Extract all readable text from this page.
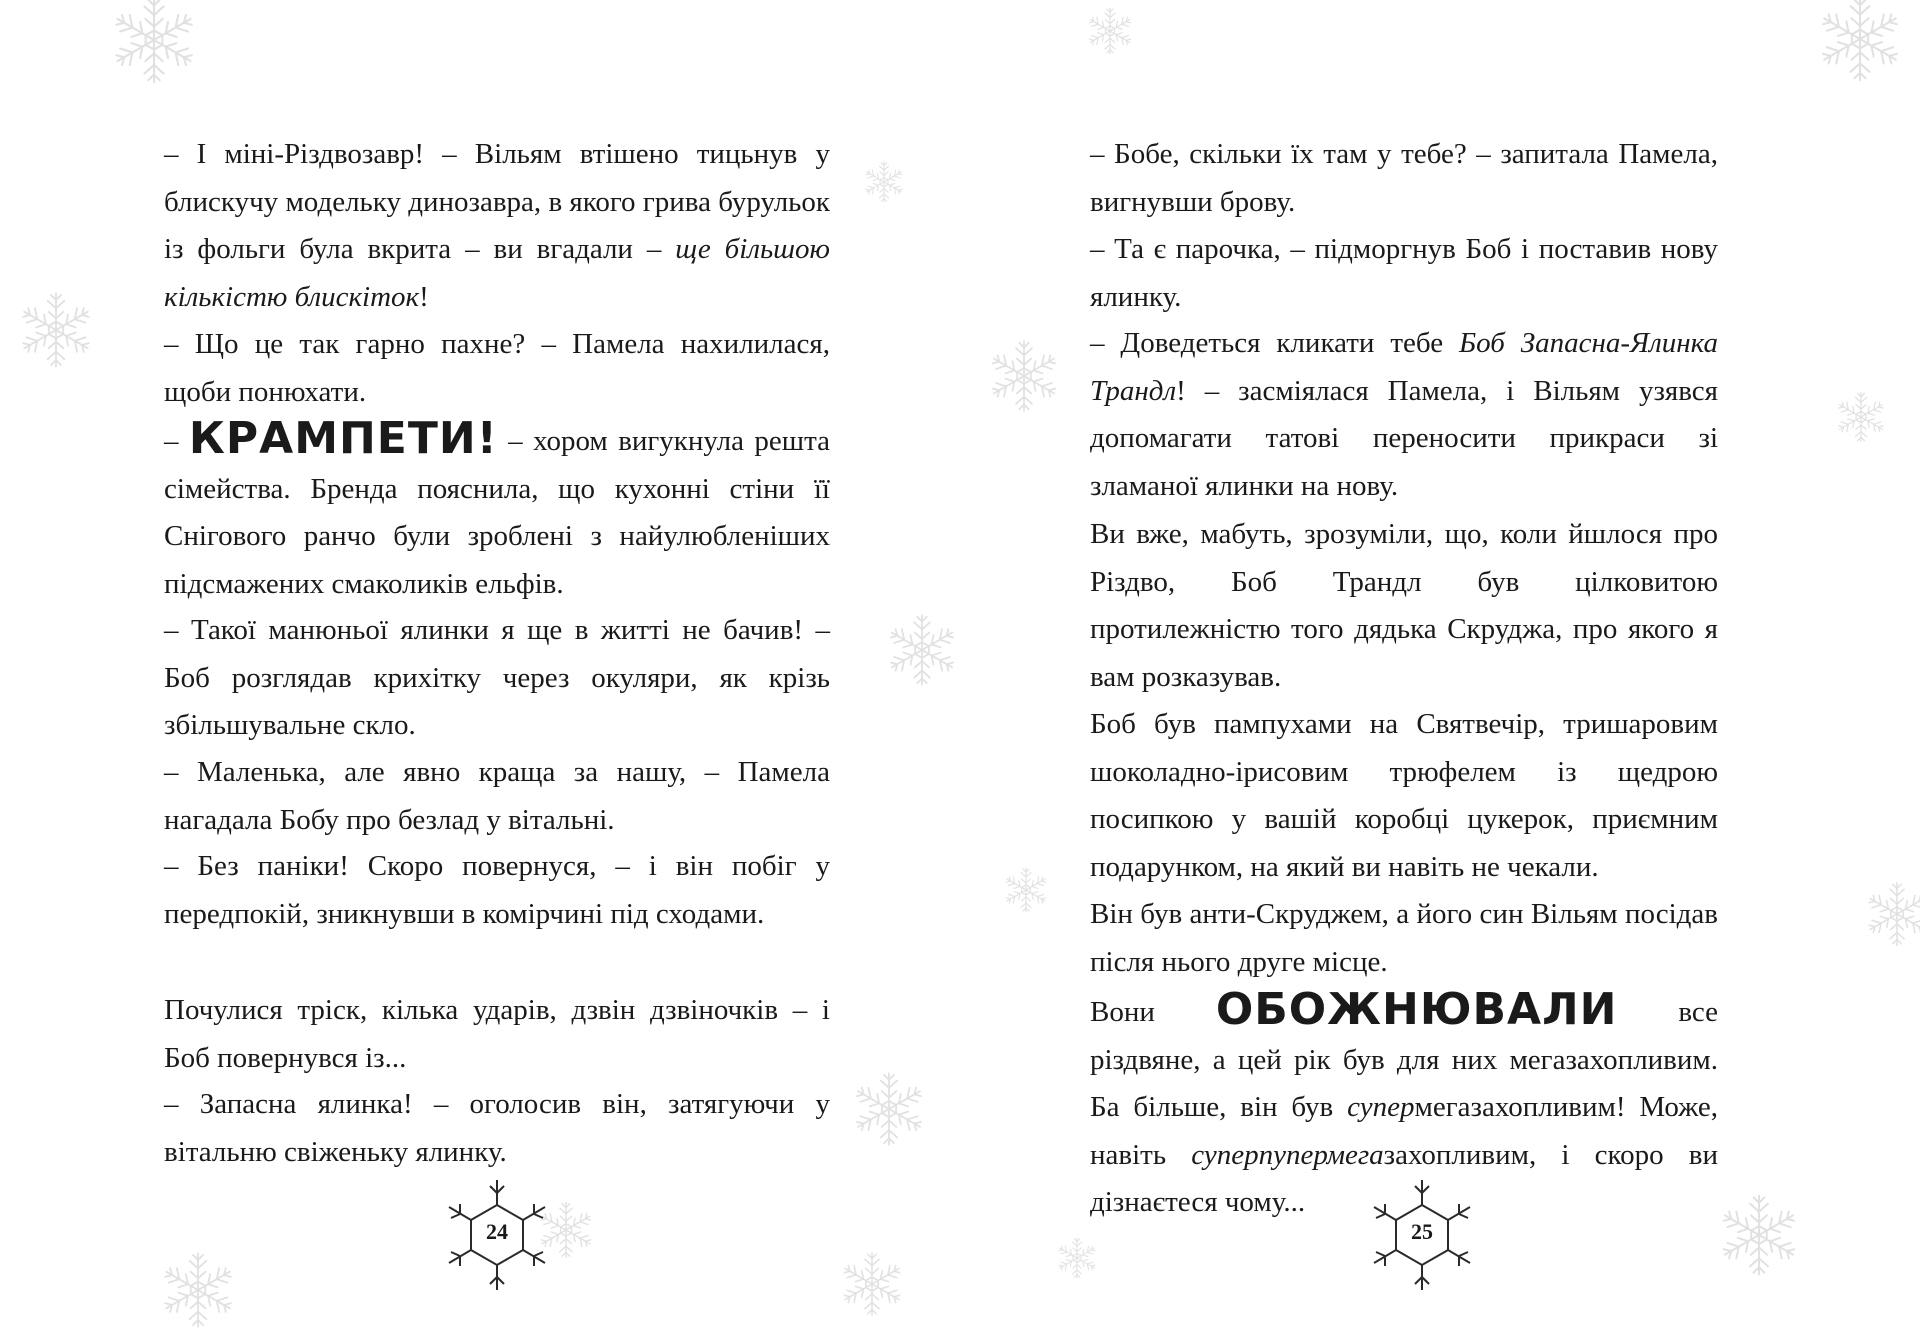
– І міні-Різдвозавр! – Вільям втішено тицьнув у блискучу модельку динозавра, в якого грива бурульок із фольги була вкрита – ви вгадали – ще більшою кількістю блискіток!

– Що це так гарно пахне? – Памела нахилилася, щоби понюхати.

– КРАМПЕТИ! – хором вигукнула решта сімейства. Бренда пояснила, що кухонні стіни її Снігового ранчо були зроблені з найулюбленіших підсмажених смаколиків ельфів.

– Такої манюньої ялинки я ще в житті не бачив! – Боб розглядав крихітку через окуляри, як крізь збільшувальне скло.

– Маленька, але явно краща за нашу, – Памела нагадала Бобу про безлад у вітальні.

– Без паніки! Скоро повернуся, – і він побіг у передпокій, зникнувши в комірчині під сходами.

Почулися тріск, кілька ударів, дзвін дзвіночків – і Боб повернувся із...

– Запасна ялинка! – оголосив він, затягуючи у вітальню свіженьку ялинку.

24

– Бобе, скільки їх там у тебе? – запитала Памела, вигнувши брову.

– Та є парочка, – підморгнув Боб і поставив нову ялинку.

– Доведеться кликати тебе Боб Запасна-Ялинка Трандл! – засміялася Памела, і Вільям узявся допомагати татові переносити прикраси зі зламаної ялинки на нову.

Ви вже, мабуть, зрозуміли, що, коли йшлося про Різдво, Боб Трандл був цілковитою протилежністю того дядька Скруджа, про якого я вам розказував.

Боб був пампухами на Святвечір, тришаровим шоколадно-ірисовим трюфелем із щедрою посипкою у вашій коробці цукерок, приємним подарунком, на який ви навіть не чекали.

Він був анти-Скруджем, а його син Вільям посідав після нього друге місце.

Вони ОБОЖНЮВАЛИ все різдвяне, а цей рік був для них мегазахопливим. Ба більше, він був супермегазахопливим! Може, навіть суперпупермегазахопливим, і скоро ви дізнаєтеся чому...

25
